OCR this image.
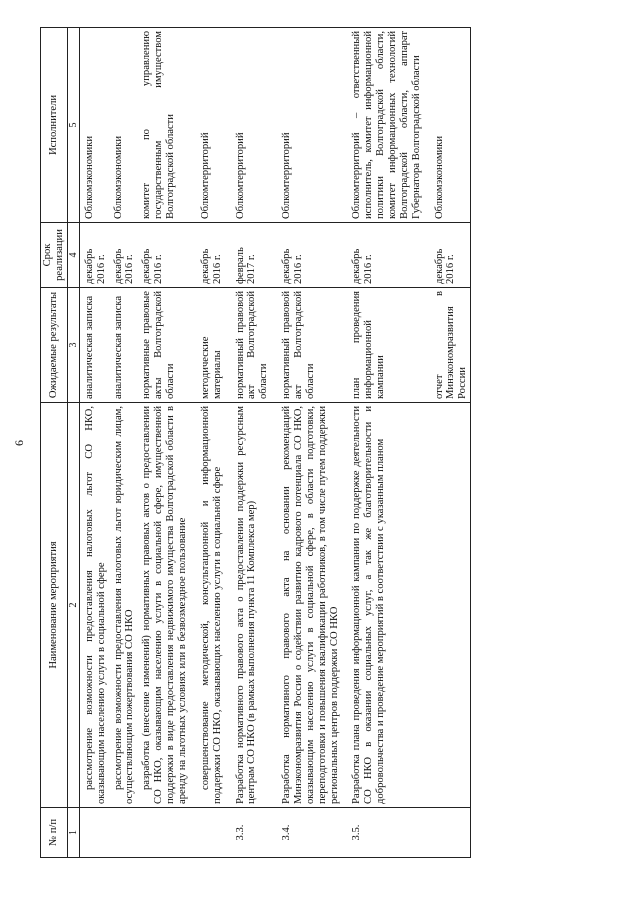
6
№ п/п	Наименование мероприятия	Ожидаемые результаты	Срок реализации	Исполнители
1	2	3	4	5
	рассмотрение возможности предоставления налоговых льгот СО НКО, оказывающим населению услуги в социальной сфере	аналитическая записка	декабрь 2016 г.	Облкомэкономики
	рассмотрение возможности предоставления налоговых льгот юридическим лицам, осуществляющим пожертвования СО НКО	аналитическая записка	декабрь 2016 г.	Облкомэкономики
	разработка (внесение изменений) нормативных правовых актов о предоставлении СО НКО, оказывающим населению услуги в социальной сфере, имущественной поддержки в виде предоставления недвижимого имущества Волгоградской области в аренду на льготных условиях или в безвозмездное пользование	нормативные правовые акты Волгоградской области	декабрь 2016 г.	комитет по управлению государственным имуществом Волгоградской области
	совершенствование методической, консультационной и информационной поддержки СО НКО, оказывающих населению услуги в социальной сфере	методические материалы	декабрь 2016 г.	Облкомтерриторий
3.3.	Разработка нормативного правового акта о предоставлении поддержки ресурсным центрам СО НКО (в рамках выполнения пункта 11 Комплекса мер)	нормативный правовой акт Волгоградской области	февраль 2017 г.	Облкомтерриторий
3.4.	Разработка нормативного правового акта на основании рекомендаций Минэкономразвития России о содействии развитию кадрового потенциала СО НКО, оказывающим населению услуги в социальной сфере, в области подготовки, переподготовки и повышения квалификации работников, в том числе путем поддержки региональных центров поддержки СО НКО	нормативный правовой акт Волгоградской области	декабрь 2016 г.	Облкомтерриторий
3.5.	Разработка плана проведения информационной кампании по поддержке деятельности СО НКО в оказании социальных услуг, а так же благотворительности и добровольчества и проведение мероприятий в соответствии с указанным планом	план проведения информационной кампании	декабрь 2016 г.	Облкомтерриторий – ответственный исполнитель, комитет информационной политики Волгоградской области, комитет информационных технологий Волгоградской области, аппарат Губернатора Волгоградской области
		отчет в Минэкономразвития России	декабрь 2016 г.	Облкомэкономики
